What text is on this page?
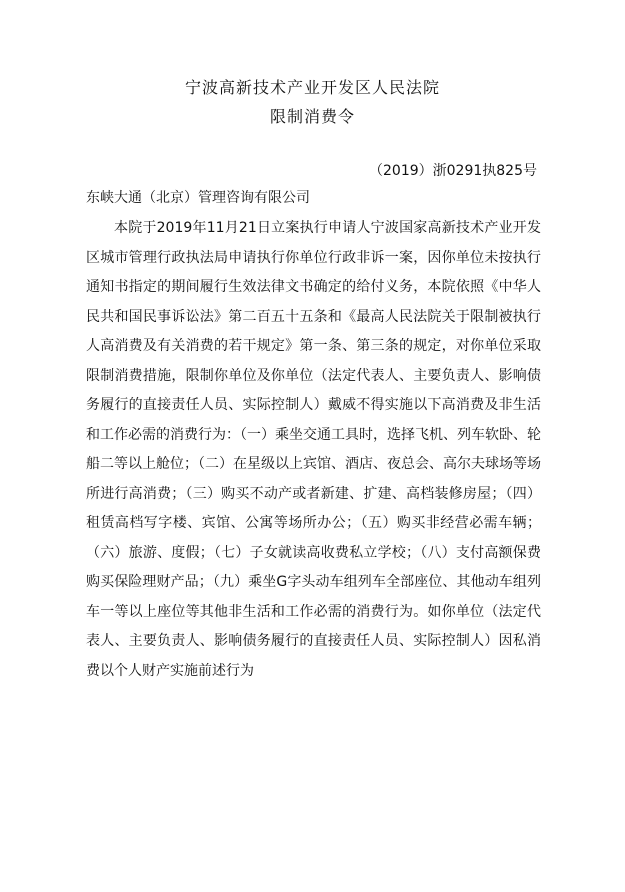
宁波高新技术产业开发区人民法院
限制消费令
（2019）浙0291执825号
东峡大通（北京）管理咨询有限公司

本院于2019年11月21日立案执行申请人宁波国家高新技术产业开发区城市管理行政执法局申请执行你单位行政非诉一案，因你单位未按执行通知书指定的期间履行生效法律文书确定的给付义务，本院依照《中华人民共和国民事诉讼法》第二百五十五条和《最高人民法院关于限制被执行人高消费及有关消费的若干规定》第一条、第三条的规定，对你单位采取限制消费措施，限制你单位及你单位（法定代表人、主要负责人、影响债务履行的直接责任人员、实际控制人）戴威不得实施以下高消费及非生活和工作必需的消费行为：（一）乘坐交通工具时，选择飞机、列车软卧、轮船二等以上舱位；（二）在星级以上宾馆、酒店、夜总会、高尔夫球场等场所进行高消费；（三）购买不动产或者新建、扩建、高档装修房屋；（四）租赁高档写字楼、宾馆、公寓等场所办公；（五）购买非经营必需车辆；（六）旅游、度假；（七）子女就读高收费私立学校；（八）支付高额保费购买保险理财产品；（九）乘坐G字头动车组列车全部座位、其他动车组列车一等以上座位等其他非生活和工作必需的消费行为。如你单位（法定代表人、主要负责人、影响债务履行的直接责任人员、实际控制人）因私消费以个人财产实施前述行为
